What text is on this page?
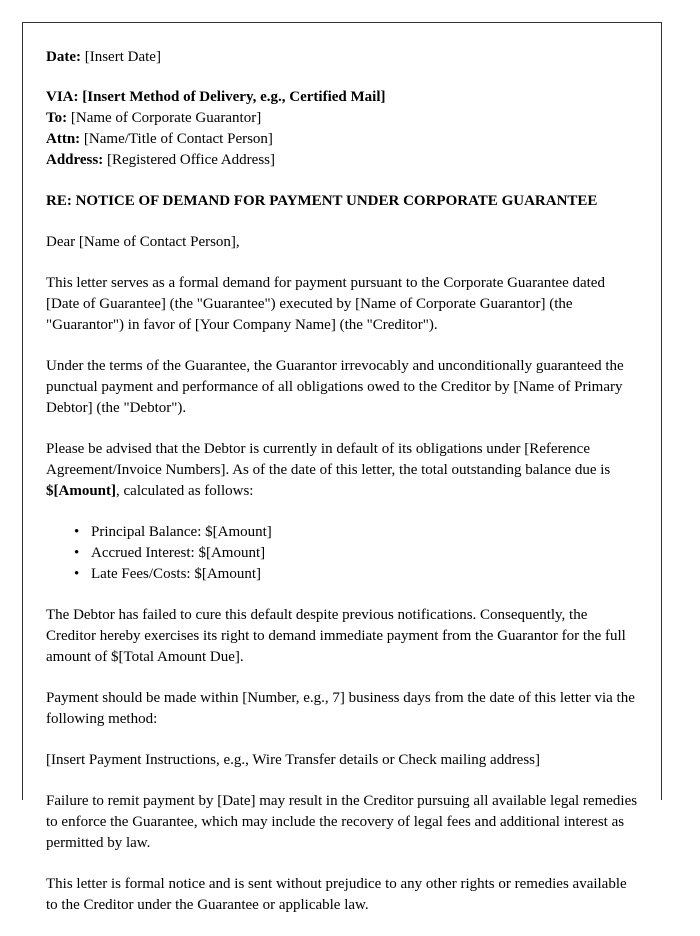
Date: [Insert Date]

VIA: [Insert Method of Delivery, e.g., Certified Mail]

To: [Name of Corporate Guarantor]

Attn: [Name/Title of Contact Person]

Address: [Registered Office Address]

RE: NOTICE OF DEMAND FOR PAYMENT UNDER CORPORATE GUARANTEE

Dear [Name of Contact Person],

This letter serves as a formal demand for payment pursuant to the Corporate Guarantee dated [Date of Guarantee] (the "Guarantee") executed by [Name of Corporate Guarantor] (the "Guarantor") in favor of [Your Company Name] (the "Creditor").

Under the terms of the Guarantee, the Guarantor irrevocably and unconditionally guaranteed the punctual payment and performance of all obligations owed to the Creditor by [Name of Primary Debtor] (the "Debtor").

Please be advised that the Debtor is currently in default of its obligations under [Reference Agreement/Invoice Numbers]. As of the date of this letter, the total outstanding balance due is $[Amount], calculated as follows:

• Principal Balance: $[Amount]
• Accrued Interest: $[Amount]
• Late Fees/Costs: $[Amount]

The Debtor has failed to cure this default despite previous notifications. Consequently, the Creditor hereby exercises its right to demand immediate payment from the Guarantor for the full amount of $[Total Amount Due].

Payment should be made within [Number, e.g., 7] business days from the date of this letter via the following method:

[Insert Payment Instructions, e.g., Wire Transfer details or Check mailing address]

Failure to remit payment by [Date] may result in the Creditor pursuing all available legal remedies to enforce the Guarantee, which may include the recovery of legal fees and additional interest as permitted by law.

This letter is formal notice and is sent without prejudice to any other rights or remedies available to the Creditor under the Guarantee or applicable law.
